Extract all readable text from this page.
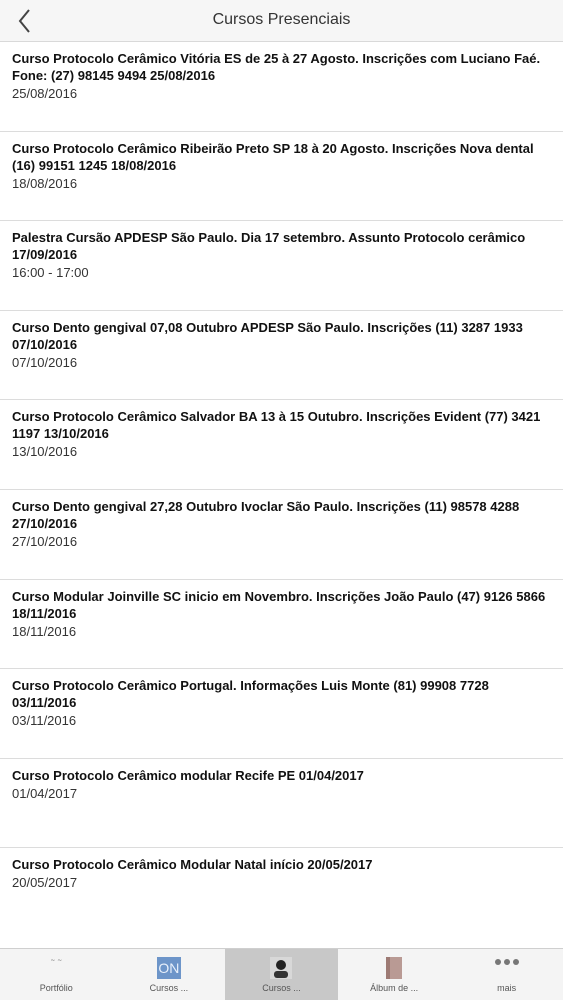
Cursos Presenciais
Curso Protocolo Cerâmico Vitória ES de 25 à 27 Agosto. Inscrições com Luciano Faé. Fone: (27) 98145 9494 25/08/2016
25/08/2016
Curso Protocolo Cerâmico Ribeirão Preto SP 18 à 20 Agosto. Inscrições Nova dental (16) 99151 1245 18/08/2016
18/08/2016
Palestra Cursão APDESP São Paulo. Dia 17 setembro. Assunto Protocolo cerâmico 17/09/2016
16:00 - 17:00
Curso Dento gengival 07,08 Outubro APDESP São Paulo. Inscrições (11) 3287 1933 07/10/2016
07/10/2016
Curso Protocolo Cerâmico Salvador BA 13 à 15 Outubro. Inscrições Evident (77) 3421 1197 13/10/2016
13/10/2016
Curso Dento gengival 27,28 Outubro Ivoclar São Paulo. Inscrições (11) 98578 4288 27/10/2016
27/10/2016
Curso Modular Joinville SC inicio em Novembro. Inscrições João Paulo (47) 9126 5866 18/11/2016
18/11/2016
Curso Protocolo Cerâmico Portugal. Informações Luis Monte (81) 99908 7728 03/11/2016
03/11/2016
Curso Protocolo Cerâmico modular Recife PE 01/04/2017
01/04/2017
Curso Protocolo Cerâmico Modular Natal início 20/05/2017
20/05/2017
~ ~
Portfólio
ON
Cursos ...	Cursos ...	Álbum de ...	mais
